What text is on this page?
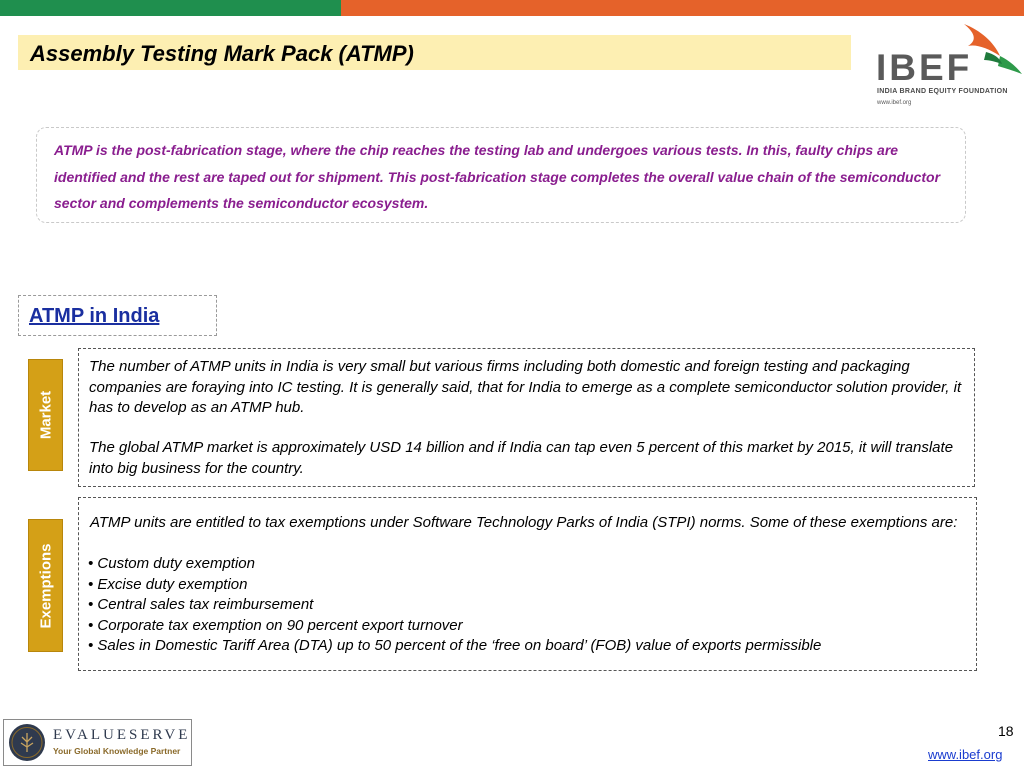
Assembly Testing Mark Pack (ATMP)	IBEF
INDIA BRAND EQUITY FOUNDATION
www.ibef.org

ATMP is the post-fabrication stage, where the chip reaches the testing lab and undergoes various tests. In this, faulty chips are identified and the rest are taped out for shipment. This post-fabrication stage completes the overall value chain of the semiconductor sector and complements the semiconductor ecosystem.

ATMP in India
Market

The number of ATMP units in India is very small but various firms including both domestic and foreign testing and packaging companies are foraying into IC testing. It is generally said, that for India to emerge as a complete semiconductor solution provider, it has to develop as an ATMP hub.

The global ATMP market is approximately USD 14 billion and if India can tap even 5 percent of this market by 2015, it will translate into big business for the country.

Exemptions

ATMP units are entitled to tax exemptions under Software Technology Parks of India (STPI) norms. Some of these exemptions are:

• Custom duty exemption
• Excise duty exemption
• Central sales tax reimbursement
• Corporate tax exemption on 90 percent export turnover
• Sales in Domestic Tariff Area (DTA) up to 50 percent of the ‘free on board’ (FOB) value of exports permissible
EVALUESERVE
Your Global Knowledge Partner
18
www.ibef.org
